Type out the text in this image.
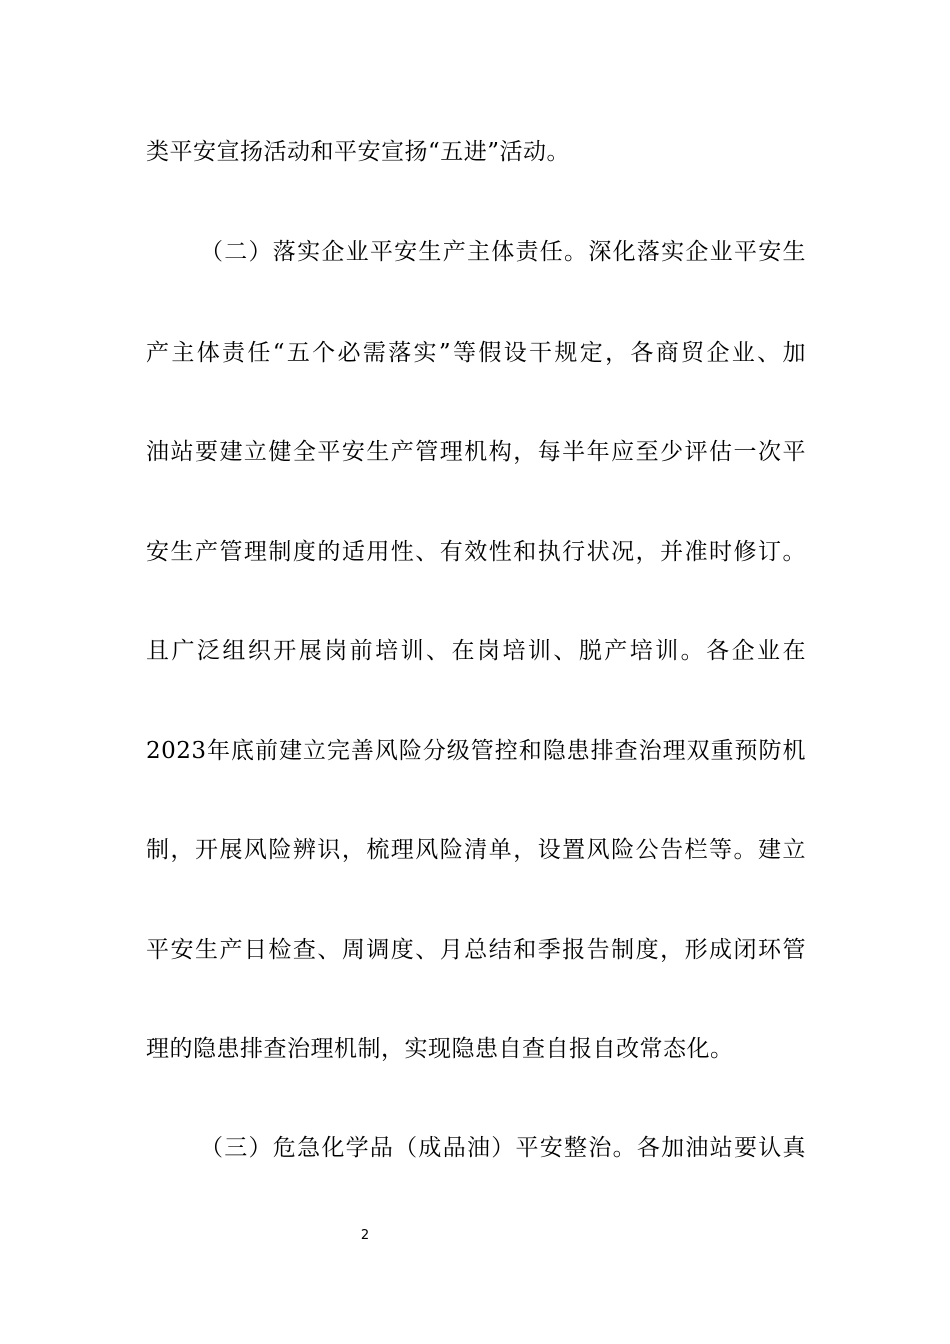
类平安宣扬活动和平安宣扬“五进”活动。
（二）落实企业平安生产主体责任。深化落实企业平安生
产主体责任“五个必需落实”等假设干规定，各商贸企业、加
油站要建立健全平安生产管理机构，每半年应至少评估一次平
安生产管理制度的适用性、有效性和执行状况，并准时修订。
且广泛组织开展岗前培训、在岗培训、脱产培训。各企业在
2023年底前建立完善风险分级管控和隐患排查治理双重预防机
制，开展风险辨识，梳理风险清单，设置风险公告栏等。建立
平安生产日检查、周调度、月总结和季报告制度，形成闭环管
理的隐患排查治理机制，实现隐患自查自报自改常态化。
（三）危急化学品（成品油）平安整治。各加油站要认真
2
